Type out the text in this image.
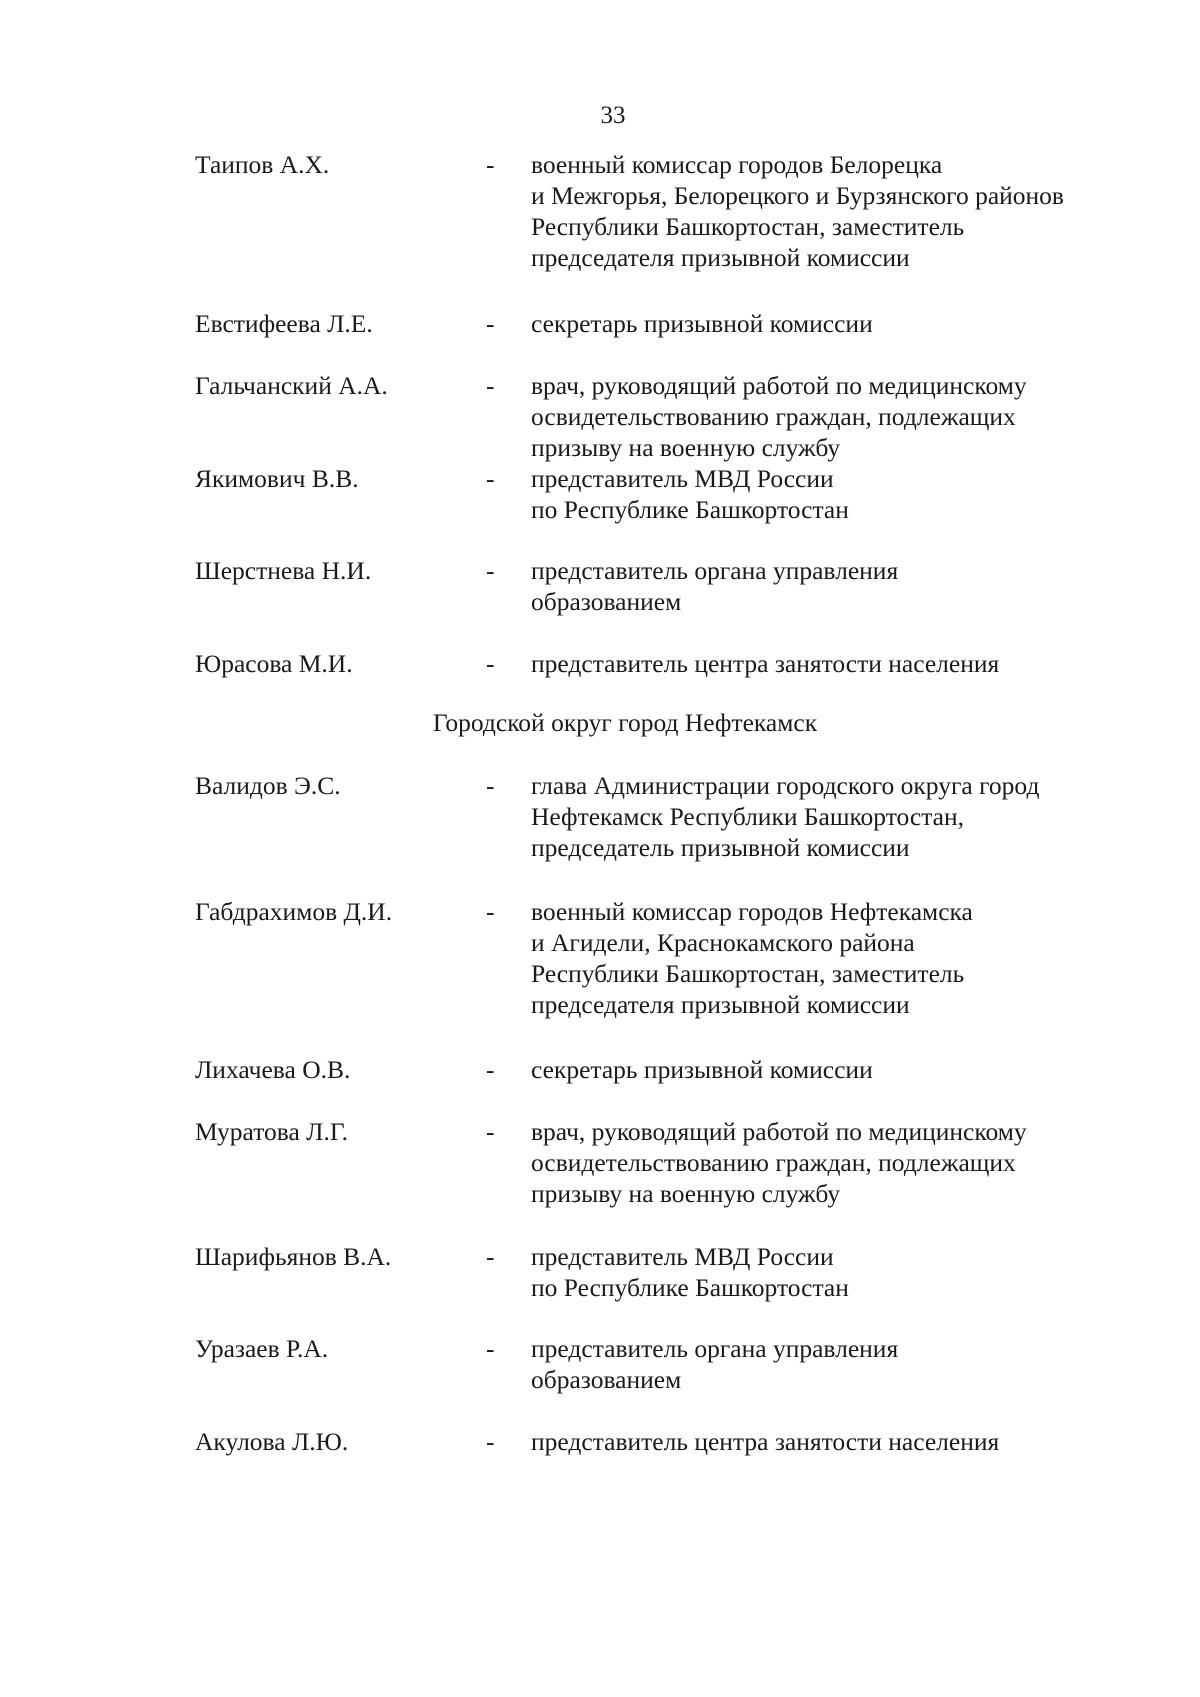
33
Таипов А.Х.	- военный комиссар городов Белорецка
и Межгорья, Белорецкого и Бурзянского районов
Республики Башкортостан, заместитель
председателя призывной комиссии
Евстифеева Л.Е.	- секретарь призывной комиссии
Гальчанский А.А.	- врач, руководящий работой по медицинскому
освидетельствованию граждан, подлежащих
призыву на военную службу
Якимович В.В.	- представитель МВД России
по Республике Башкортостан
Шерстнева Н.И.	- представитель органа управления
образованием
Юрасова М.И.	- представитель центра занятости населения
Городской округ город Нефтекамск
Валидов Э.С.	- глава Администрации городского округа город
Нефтекамск Республики Башкортостан,
председатель призывной комиссии
Габдрахимов Д.И.	- военный комиссар городов Нефтекамска
и Агидели, Краснокамского района
Республики Башкортостан, заместитель
председателя призывной комиссии
Лихачева О.В.	- секретарь призывной комиссии
Муратова Л.Г.	- врач, руководящий работой по медицинскому
освидетельствованию граждан, подлежащих
призыву на военную службу
Шарифьянов В.А.	- представитель МВД России
по Республике Башкортостан
Уразаев Р.А.	- представитель органа управления
образованием
Акулова Л.Ю.	- представитель центра занятости населения
